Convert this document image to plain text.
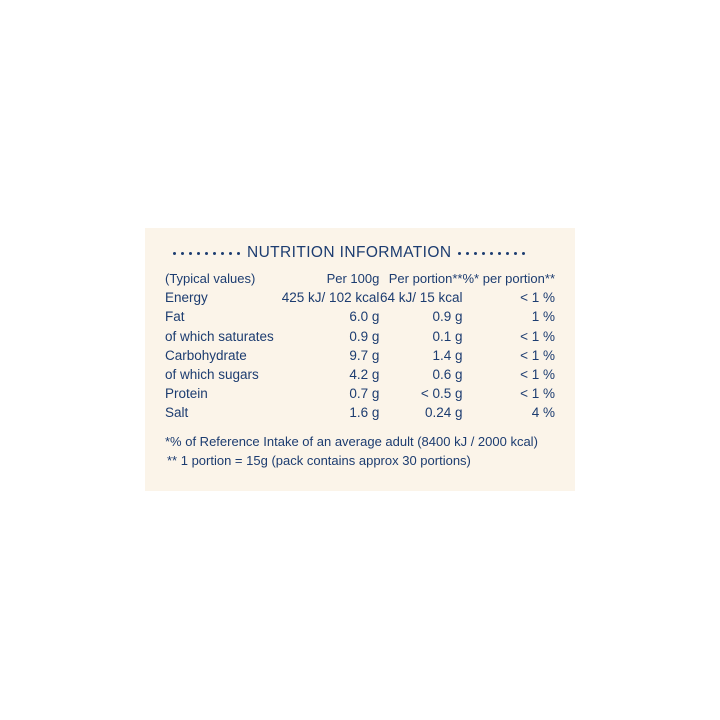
NUTRITION INFORMATION
(Typical values)	Per 100g	Per portion**	%* per portion**
Energy	425 kJ/ 102 kcal	64 kJ/ 15 kcal	< 1 %
Fat	6.0 g	0.9 g	1 %
of which saturates	0.9 g	0.1 g	< 1 %
Carbohydrate	9.7 g	1.4 g	< 1 %
of which sugars	4.2 g	0.6 g	< 1 %
Protein	0.7 g	< 0.5 g	< 1 %
Salt	1.6 g	0.24 g	4 %
*% of Reference Intake of an average adult (8400 kJ / 2000 kcal)
** 1 portion = 15g (pack contains approx 30 portions)
